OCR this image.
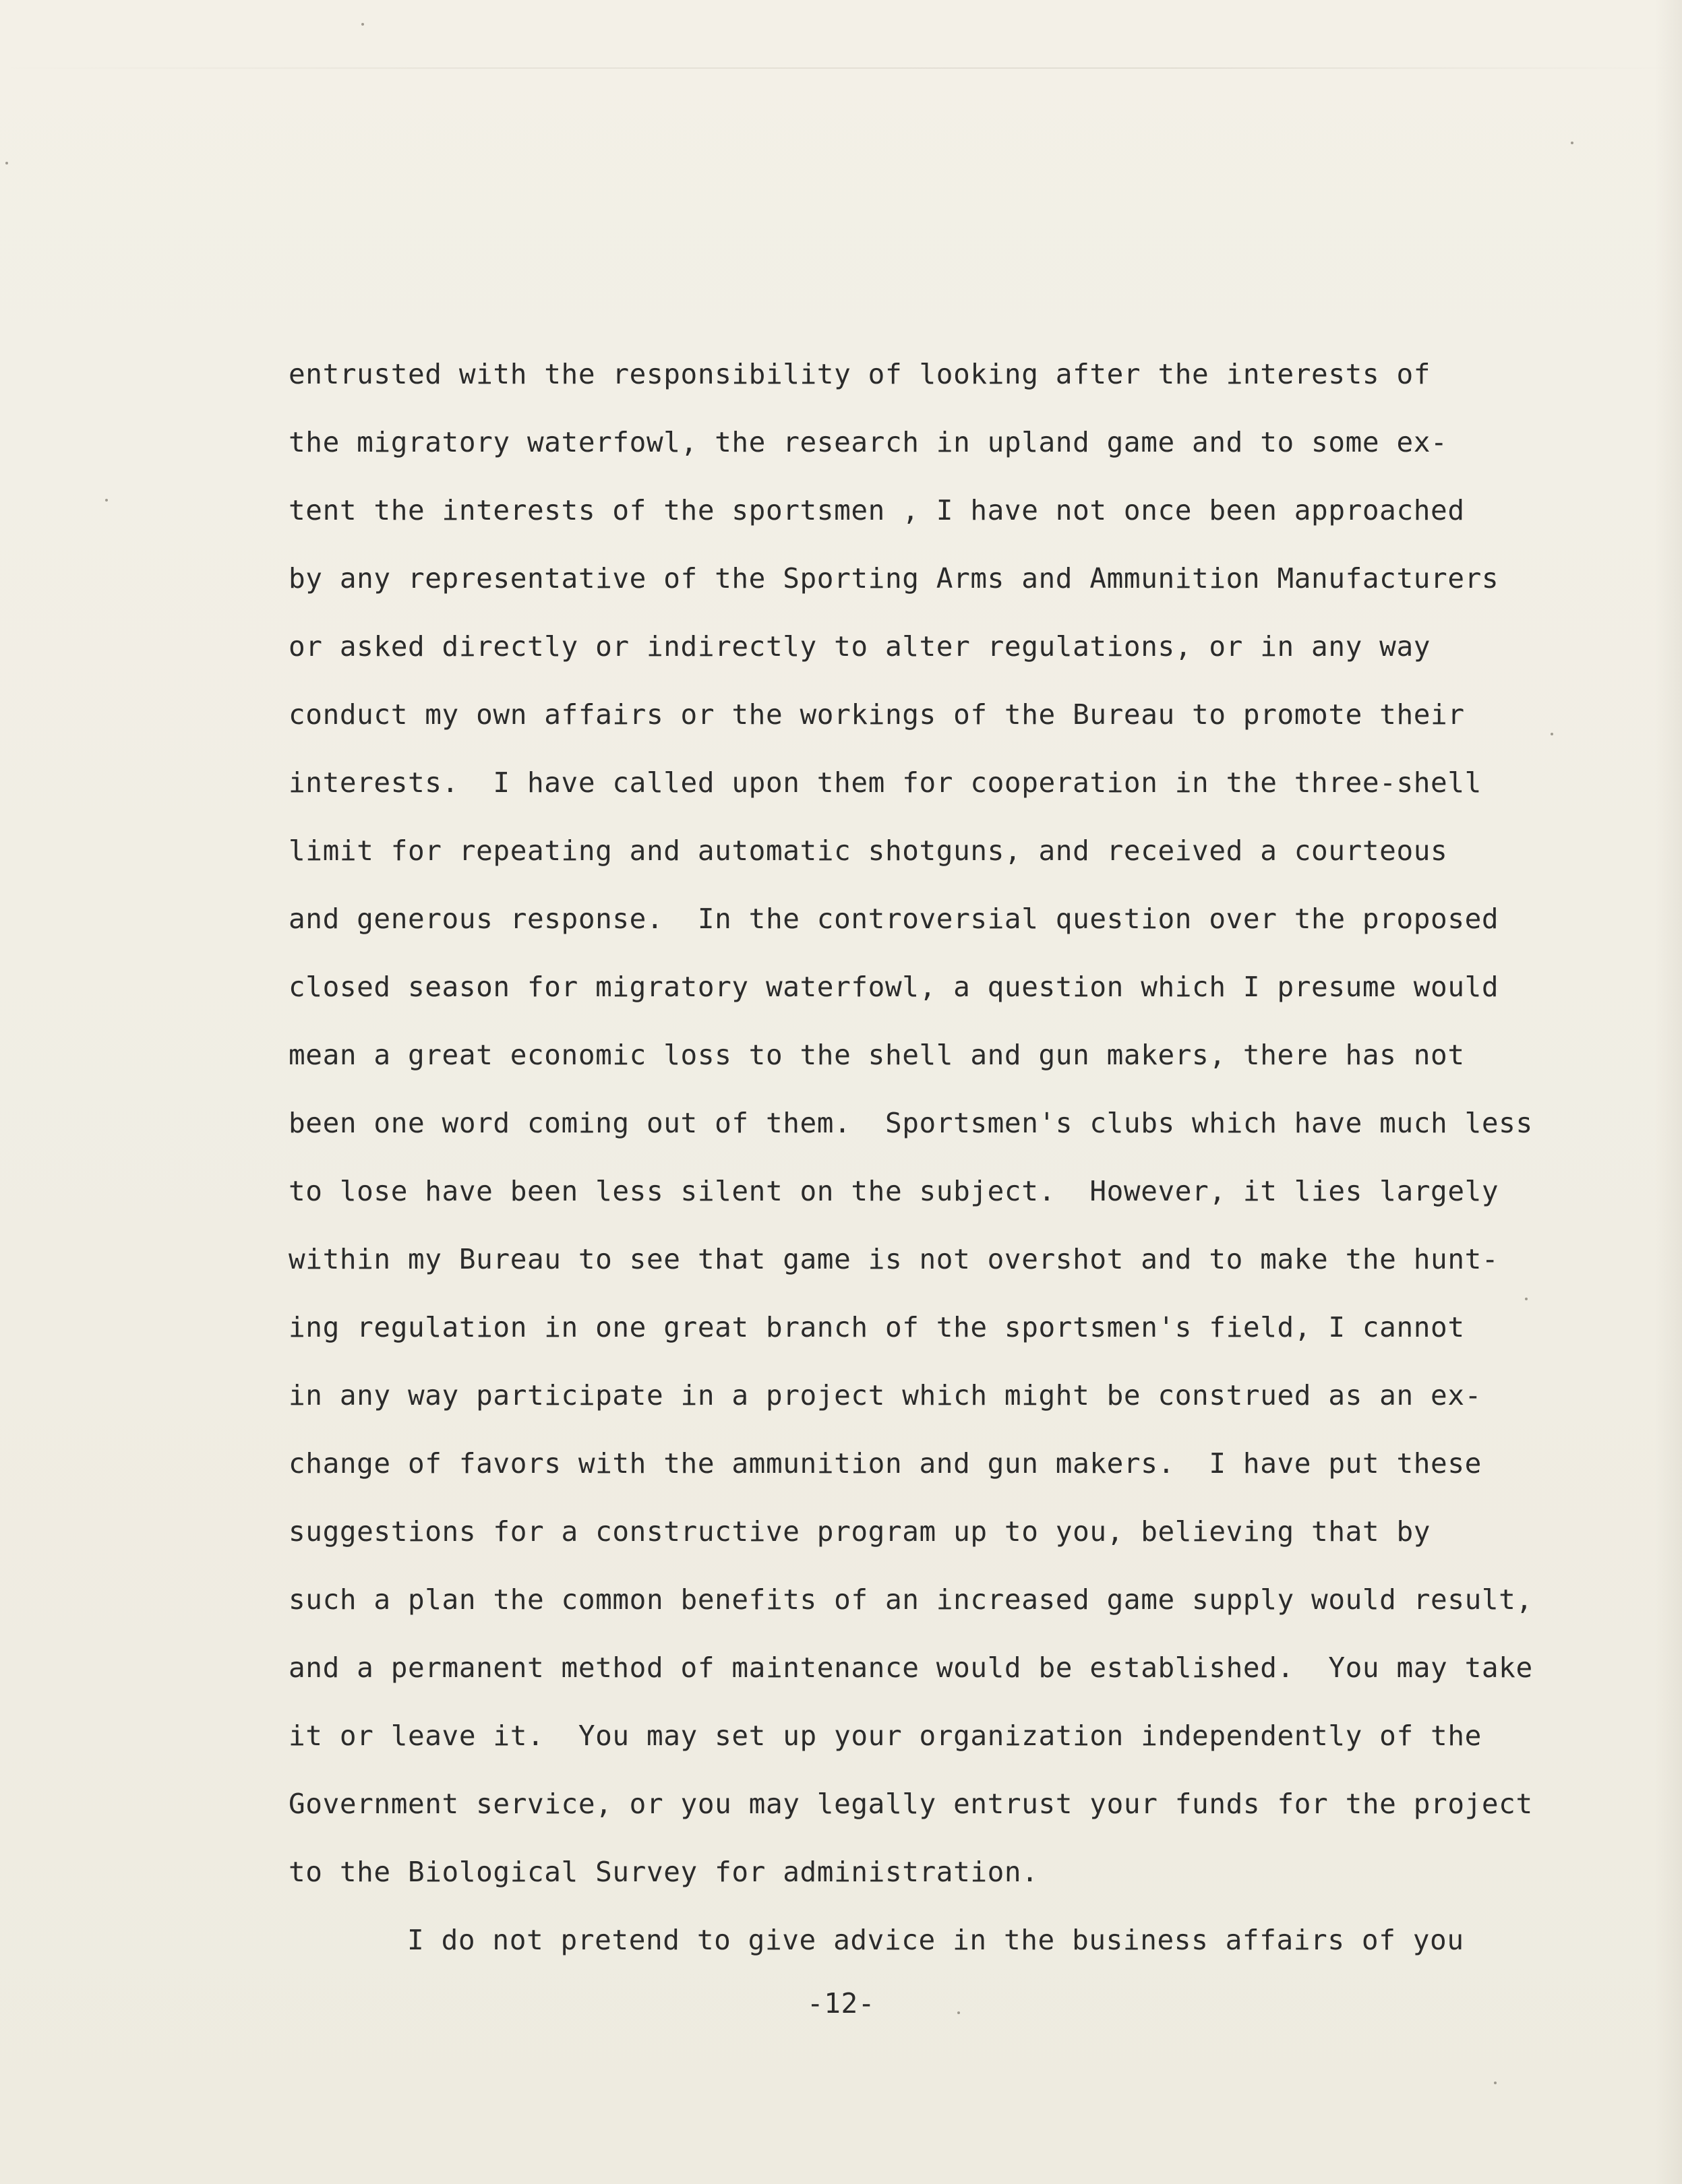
entrusted with the responsibility of looking after the interests of
the migratory waterfowl, the research in upland game and to some ex-
tent the interests of the sportsmen , I have not once been approached
by any representative of the Sporting Arms and Ammunition Manufacturers
or asked directly or indirectly to alter regulations, or in any way
conduct my own affairs or the workings of the Bureau to promote their
interests.  I have called upon them for cooperation in the three-shell
limit for repeating and automatic shotguns, and received a courteous
and generous response.  In the controversial question over the proposed
closed season for migratory waterfowl, a question which I presume would
mean a great economic loss to the shell and gun makers, there has not
been one word coming out of them.  Sportsmen's clubs which have much less
to lose have been less silent on the subject.  However, it lies largely
within my Bureau to see that game is not overshot and to make the hunt-
ing regulation in one great branch of the sportsmen's field, I cannot
in any way participate in a project which might be construed as an ex-
change of favors with the ammunition and gun makers.  I have put these
suggestions for a constructive program up to you, believing that by
such a plan the common benefits of an increased game supply would result,
and a permanent method of maintenance would be established.  You may take
it or leave it.  You may set up your organization independently of the
Government service, or you may legally entrust your funds for the project
to the Biological Survey for administration.
I do not pretend to give advice in the business affairs of you
-12-
